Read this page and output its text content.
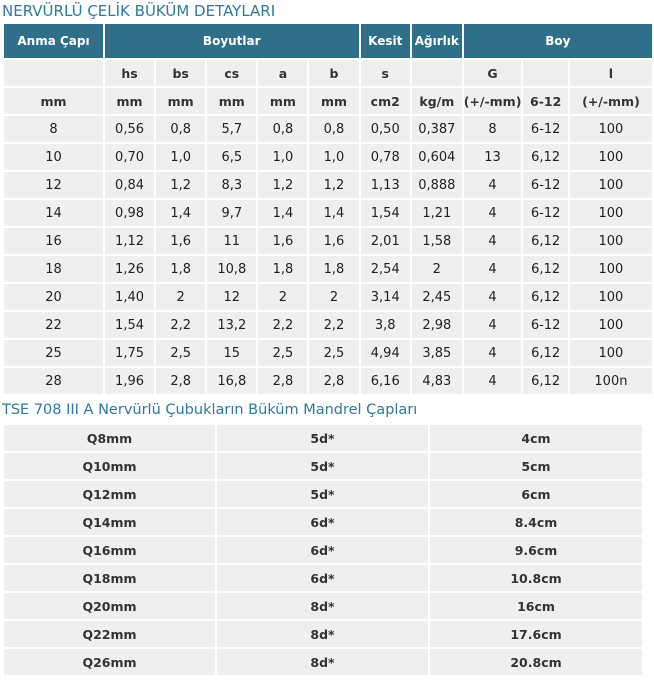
NERVÜRLÜ ÇELİK BÜKÜM DETAYLARI
Anma Çapı	Boyutlar					Kesit	Ağırlık	Boy		
	hs	bs	cs	a	b	s		G		l
mm	mm	mm	mm	mm	mm	cm2	kg/m	(+/-mm)	6-12	(+/-mm)
8	0,56	0,8	5,7	0,8	0,8	0,50	0,387	8	6-12	100
10	0,70	1,0	6,5	1,0	1,0	0,78	0,604	13	6,12	100
12	0,84	1,2	8,3	1,2	1,2	1,13	0,888	4	6-12	100
14	0,98	1,4	9,7	1,4	1,4	1,54	1,21	4	6-12	100
16	1,12	1,6	11	1,6	1,6	2,01	1,58	4	6,12	100
18	1,26	1,8	10,8	1,8	1,8	2,54	2	4	6,12	100
20	1,40	2	12	2	2	3,14	2,45	4	6,12	100
22	1,54	2,2	13,2	2,2	2,2	3,8	2,98	4	6-12	100
25	1,75	2,5	15	2,5	2,5	4,94	3,85	4	6,12	100
28	1,96	2,8	16,8	2,8	2,8	6,16	4,83	4	6,12	100n
TSE 708 III A Nervürlü Çubukların Büküm Mandrel Çapları
Q8mm	5d*	4cm
Q10mm	5d*	5cm
Q12mm	5d*	6cm
Q14mm	6d*	8.4cm
Q16mm	6d*	9.6cm
Q18mm	6d*	10.8cm
Q20mm	8d*	16cm
Q22mm	8d*	17.6cm
Q26mm	8d*	20.8cm
